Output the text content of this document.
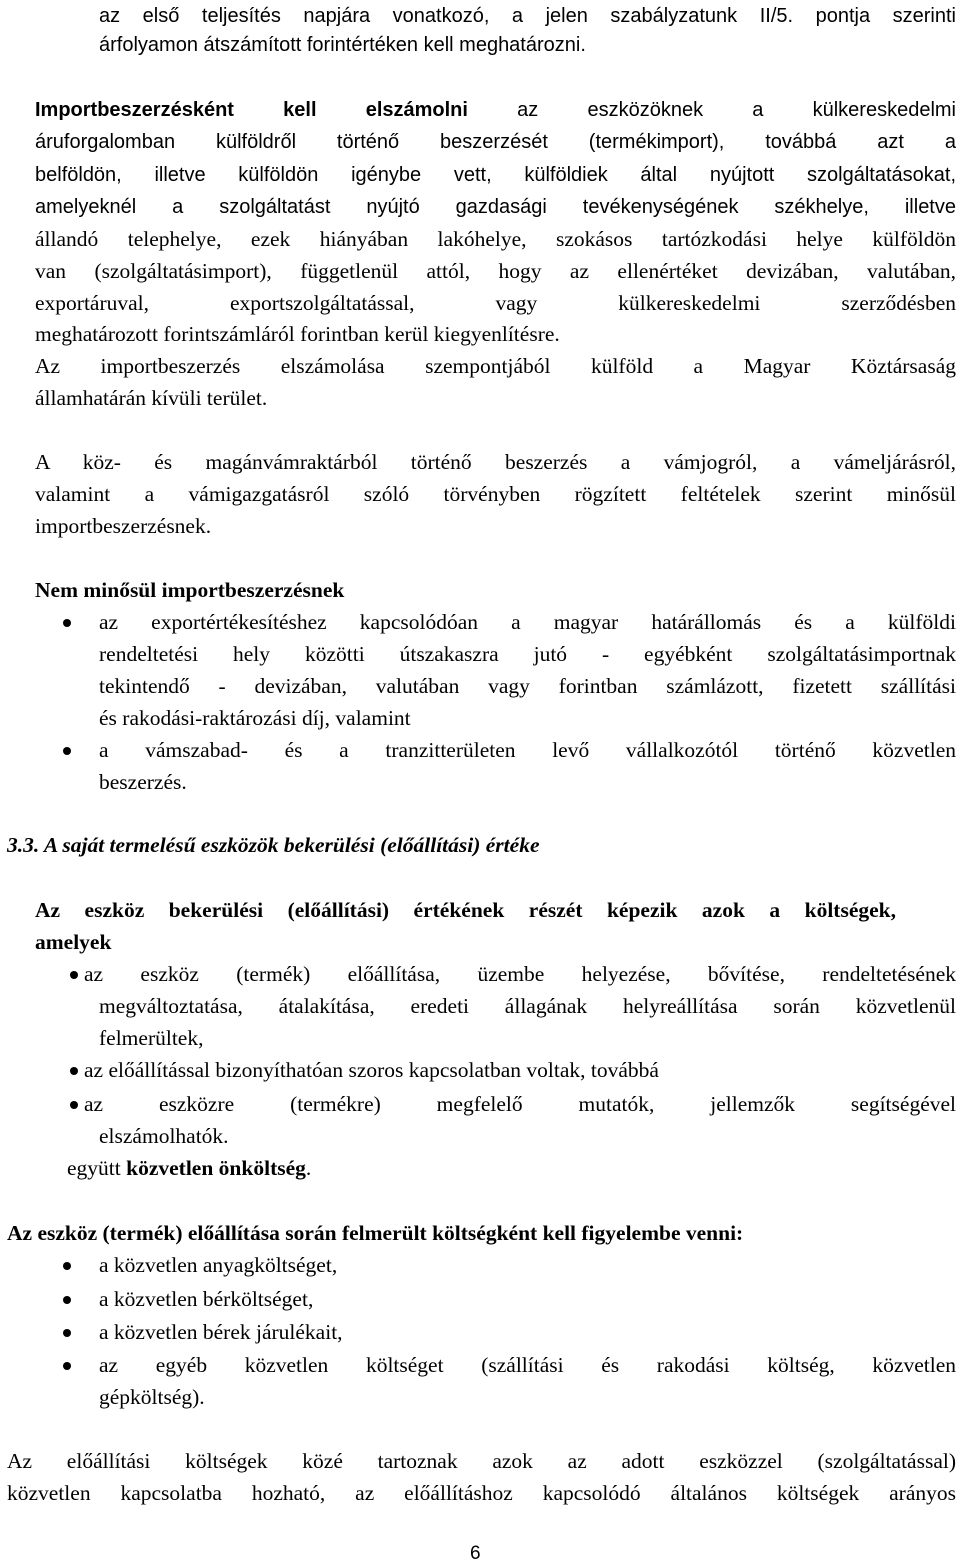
az első teljesítés napjára vonatkozó, a jelen szabályzatunk II/5. pontja szerinti
árfolyamon átszámított forintértéken kell meghatározni.
Importbeszerzésként kell elszámolni az eszközöknek a külkereskedelmi
áruforgalomban külföldről történő beszerzését (termékimport), továbbá azt a
belföldön, illetve külföldön igénybe vett, külföldiek által nyújtott szolgáltatásokat,
amelyeknél a szolgáltatást nyújtó gazdasági tevékenységének székhelye, illetve
állandó telephelye, ezek hiányában lakóhelye, szokásos tartózkodási helye külföldön
van (szolgáltatásimport), függetlenül attól, hogy az ellenértéket devizában, valutában,
exportáruval, exportszolgáltatással, vagy külkereskedelmi szerződésben
meghatározott forintszámláról forintban kerül kiegyenlítésre.
Az importbeszerzés elszámolása szempontjából külföld a Magyar Köztársaság
államhatárán kívüli terület.
A köz- és magánvámraktárból történő beszerzés a vámjogról, a vámeljárásról,
valamint a vámigazgatásról szóló törvényben rögzített feltételek szerint minősül
importbeszerzésnek.
Nem minősül importbeszerzésnek
az exportértékesítéshez kapcsolódóan a magyar határállomás és a külföldi
rendeltetési hely közötti útszakaszra jutó - egyébként szolgáltatásimportnak
tekintendő - devizában, valutában vagy forintban számlázott, fizetett szállítási
és rakodási-raktározási díj, valamint
a vámszabad- és a tranzitterületen levő vállalkozótól történő közvetlen
beszerzés.
3.3. A saját termelésű eszközök bekerülési (előállítási) értéke
Az eszköz bekerülési (előállítási) értékének részét képezik azok a költségek,
amelyek
az eszköz (termék) előállítása, üzembe helyezése, bővítése, rendeltetésének
megváltoztatása, átalakítása, eredeti állagának helyreállítása során közvetlenül
felmerültek,
az előállítással bizonyíthatóan szoros kapcsolatban voltak, továbbá
az eszközre (termékre) megfelelő mutatók, jellemzők segítségével
elszámolhatók.
együtt közvetlen önköltség.
Az eszköz (termék) előállítása során felmerült költségként kell figyelembe venni:
a közvetlen anyagköltséget,
a közvetlen bérköltséget,
a közvetlen bérek járulékait,
az egyéb közvetlen költséget (szállítási és rakodási költség, közvetlen
gépköltség).
Az előállítási költségek közé tartoznak azok az adott eszközzel (szolgáltatással)
közvetlen kapcsolatba hozható, az előállításhoz kapcsolódó általános költségek arányos
6
